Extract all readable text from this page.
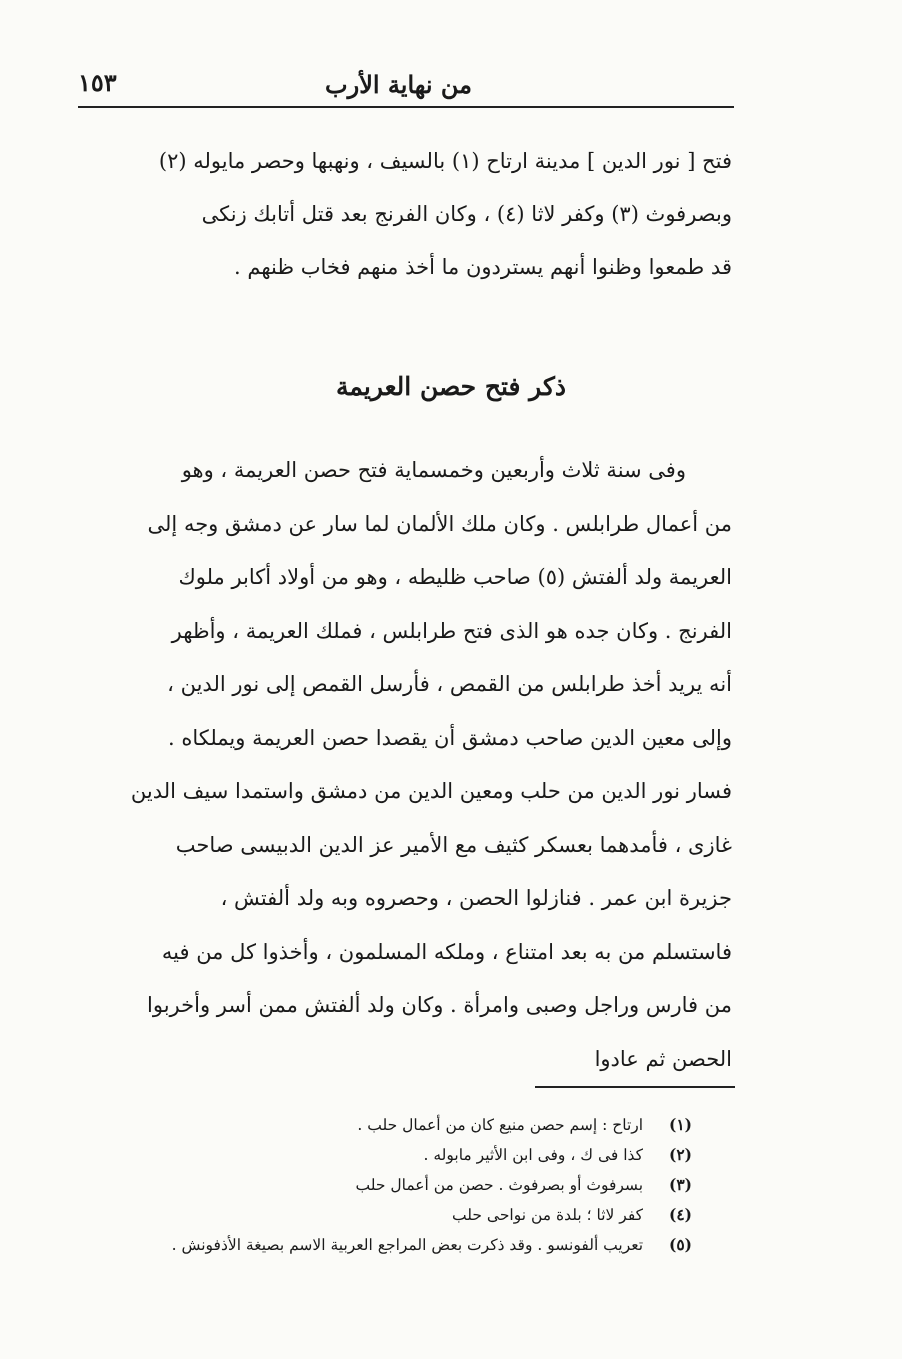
من نهاية الأرب
١٥٣
فتح [ نور الدين ] مدينة ارتاح (١) بالسيف ، ونهبها وحصر مايوله (٢)
وبصرفوث (٣) وكفر لاثا (٤) ، وكان الفرنج بعد قتل أتابك زنكى
قد طمعوا وظنوا أنهم يستردون ما أخذ منهم فخاب ظنهم .
ذكر فتح حصن العريمة
وفى سنة ثلاث وأربعين وخمسماية فتح حصن العريمة ، وهو
من أعمال طرابلس . وكان ملك الألمان لما سار عن دمشق وجه إلى
العريمة ولد ألفتش (٥) صاحب ظليطه ، وهو من أولاد أكابر ملوك
الفرنج . وكان جده هو الذى فتح طرابلس ، فملك العريمة ، وأظهر
أنه يريد أخذ طرابلس من القمص ، فأرسل القمص إلى نور الدين ،
وإلى معين الدين صاحب دمشق أن يقصدا حصن العريمة ويملكاه .
فسار نور الدين من حلب ومعين الدين من دمشق واستمدا سيف الدين
غازى ، فأمدهما بعسكر كثيف مع الأمير عز الدين الدبيسى صاحب
جزيرة ابن عمر . فنازلوا الحصن ، وحصروه وبه ولد ألفتش ،
فاستسلم من به بعد امتناع ، وملكه المسلمون ، وأخذوا كل من فيه
من فارس وراجل وصبى وامرأة . وكان ولد ألفتش ممن أسر وأخربوا
الحصن ثم عادوا
(١) ارتاح : إسم حصن منيع كان من أعمال حلب .
(٢) كذا فى ك ، وفى ابن الأثير مابوله .
(٣) بسرفوث أو بصرفوث . حصن من أعمال حلب
(٤) كفر لاثا ؛ بلدة من نواحى حلب
(٥) تعريب ألفونسو . وقد ذكرت بعض المراجع العربية الاسم بصيغة الأذفونش .
